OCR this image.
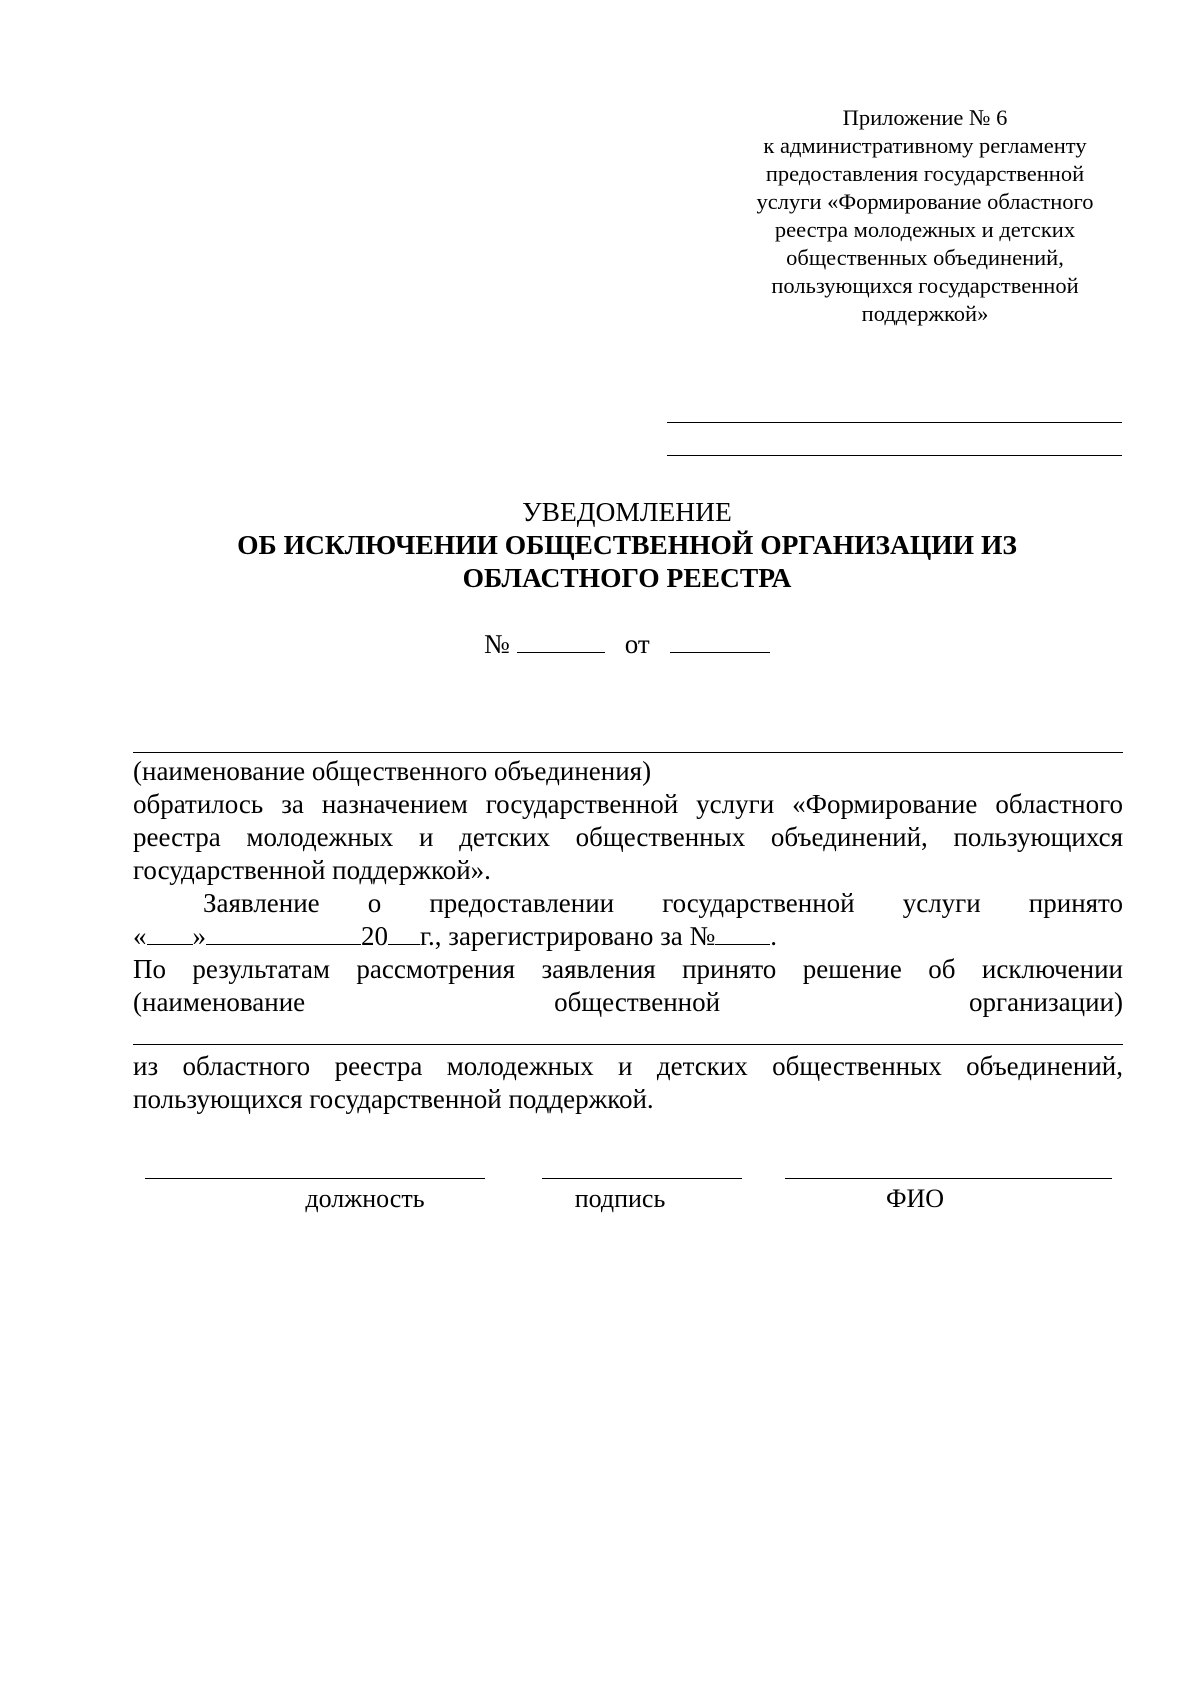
Приложение № 6
к административному регламенту
предоставления государственной
услуги «Формирование областного
реестра молодежных и детских
общественных объединений,
пользующихся государственной
поддержкой»
УВЕДОМЛЕНИЕ
ОБ ИСКЛЮЧЕНИИ ОБЩЕСТВЕННОЙ ОРГАНИЗАЦИИ ИЗ
ОБЛАСТНОГО РЕЕСТРА
№	от
(наименование общественного объединения)
обратилось за назначением государственной услуги «Формирование областного реестра молодежных и детских общественных объединений, пользующихся государственной поддержкой».
Заявление о предоставлении государственной услуги принято
« »	20 г., зарегистрировано за № .
По результатам рассмотрения заявления принято решение об исключении
(наименование общественной организации)
из областного реестра молодежных и детских общественных объединений, пользующихся государственной поддержкой.
должность	подпись	ФИО
